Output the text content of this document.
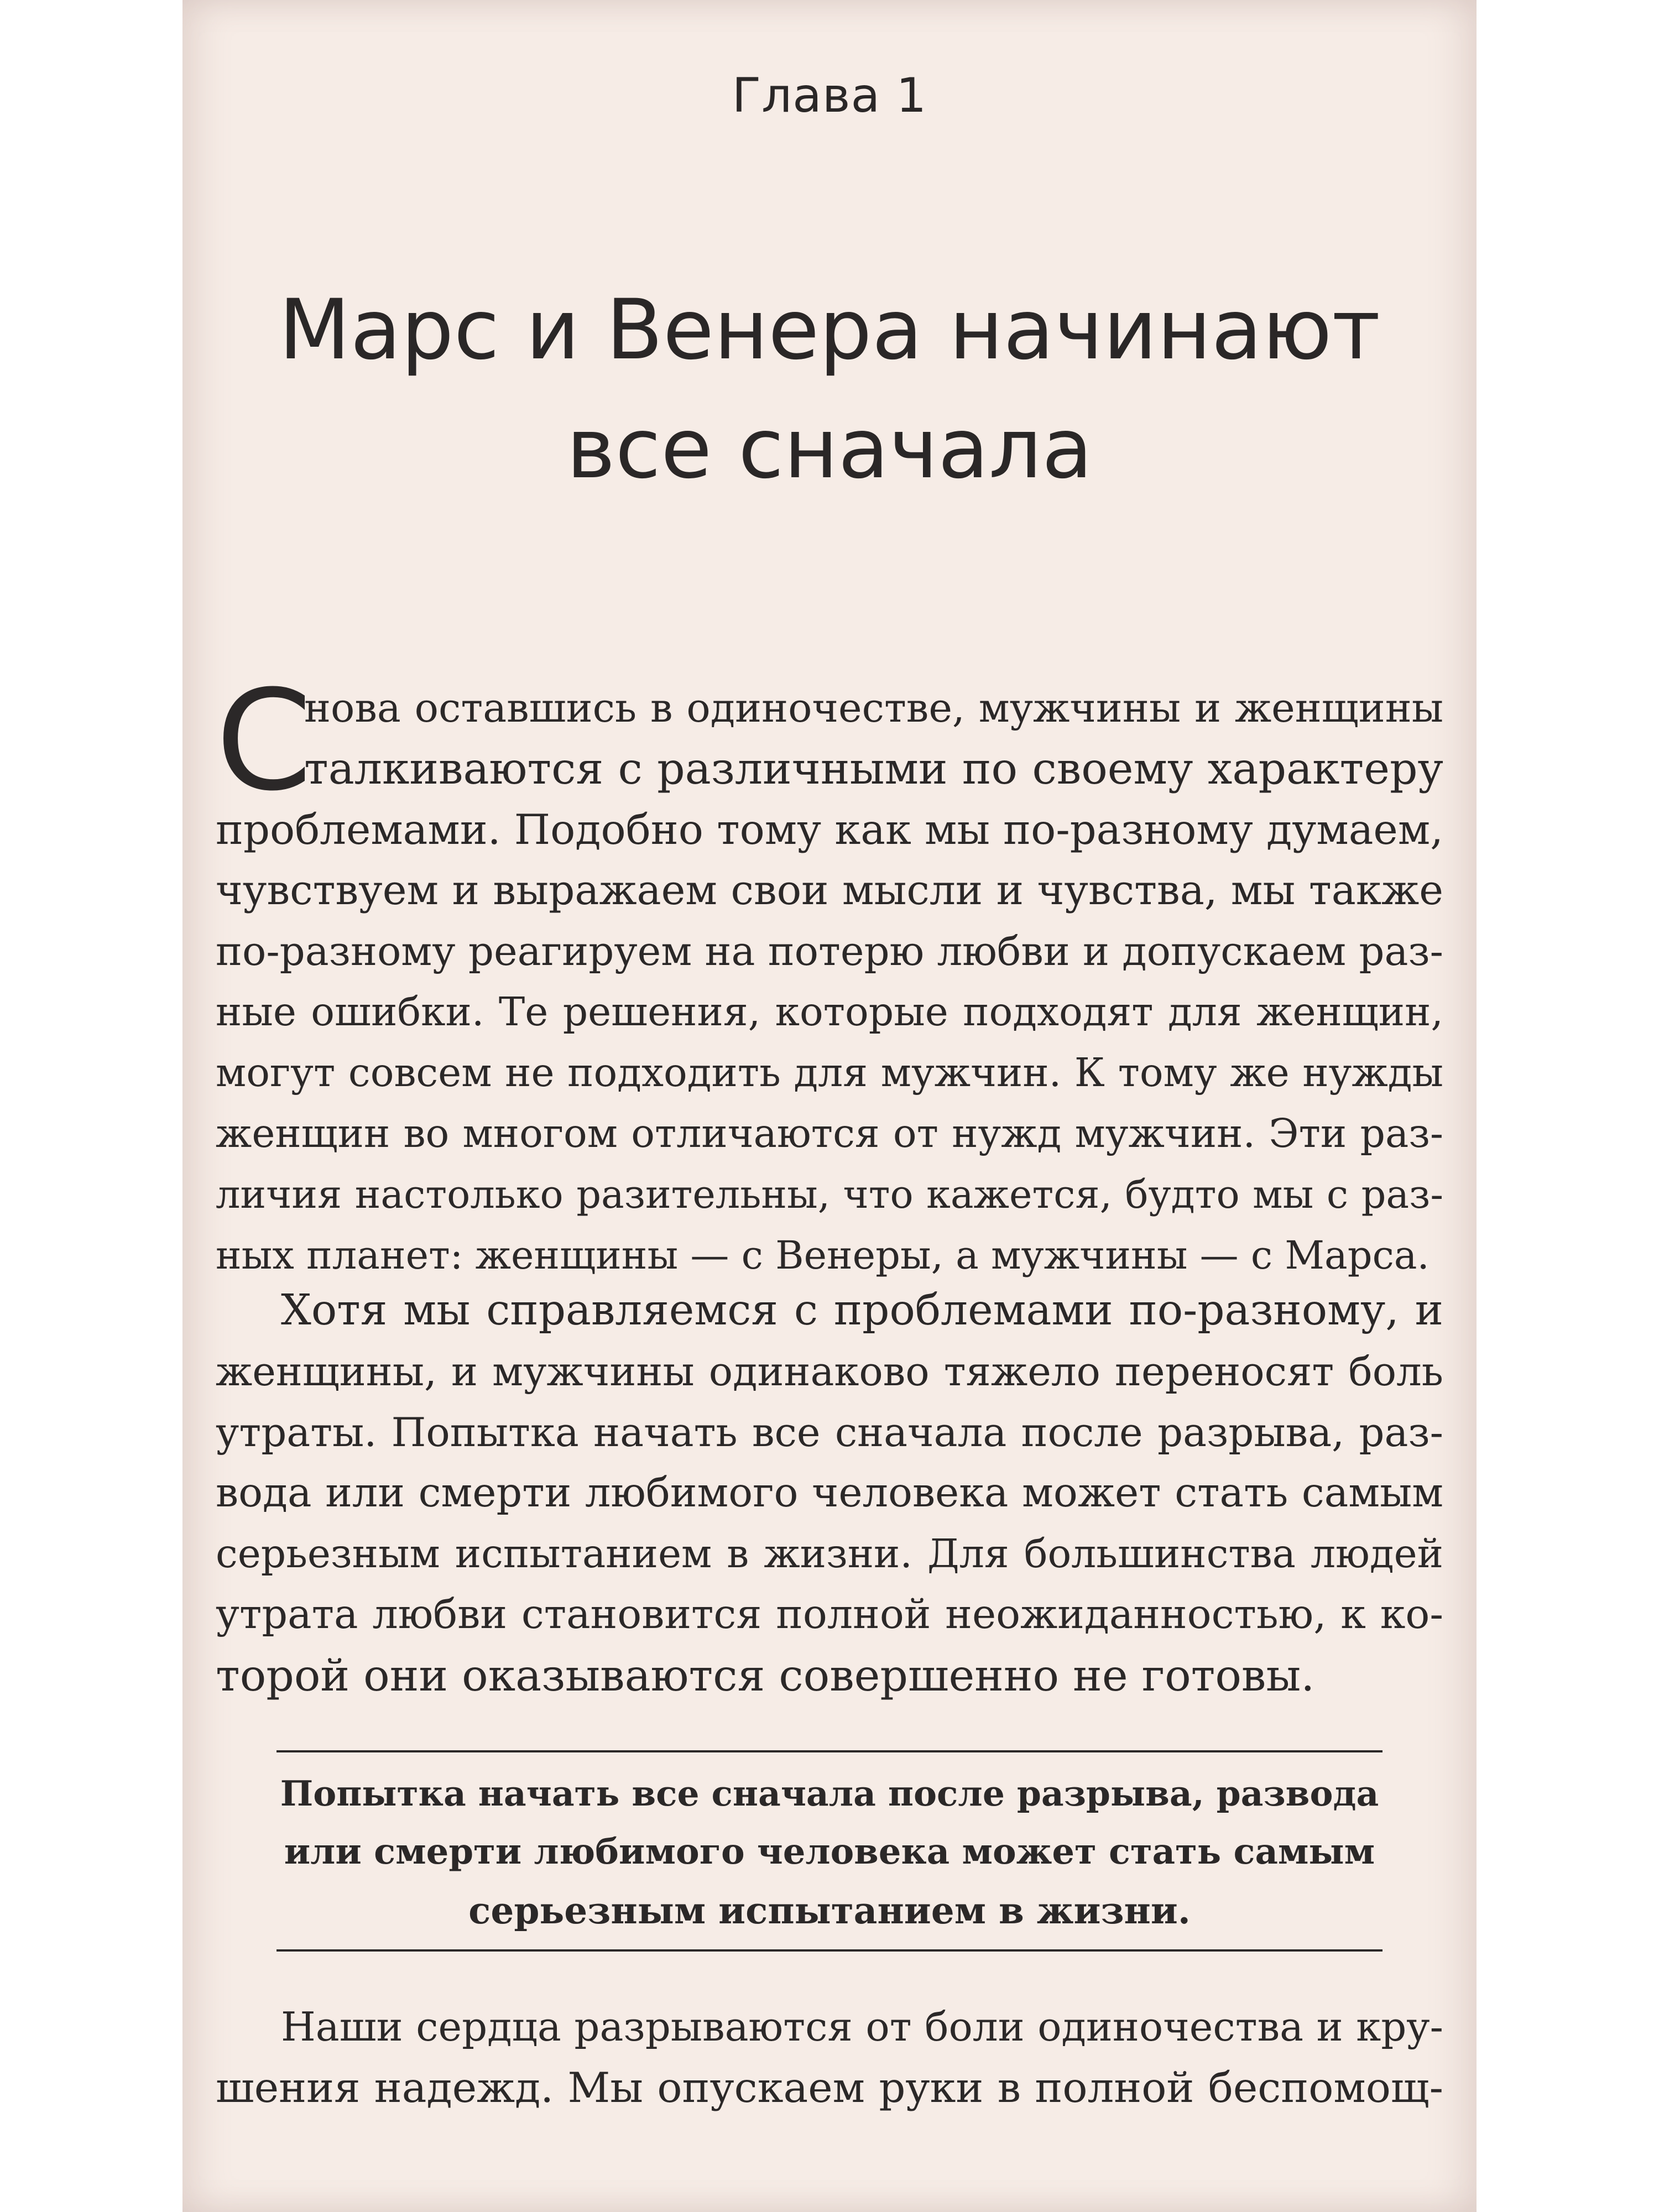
Глава 1
Марс и Венера начинают
все сначала
С
нова оставшись в одиночестве, мужчины и женщины
талкиваются с различными по своему характеру
проблемами. Подобно тому как мы по-разному думаем,
чувствуем и выражаем свои мысли и чувства, мы также
по-разному реагируем на потерю любви и допускаем раз-
ные ошибки. Те решения, которые подходят для женщин,
могут совсем не подходить для мужчин. К тому же нужды
женщин во многом отличаются от нужд мужчин. Эти раз-
личия настолько разительны, что кажется, будто мы с раз-
ных планет: женщины — с Венеры, а мужчины — с Марса.
Хотя мы справляемся с проблемами по-разному, и
женщины, и мужчины одинаково тяжело переносят боль
утраты. Попытка начать все сначала после разрыва, раз-
вода или смерти любимого человека может стать самым
серьезным испытанием в жизни. Для большинства людей
утрата любви становится полной неожиданностью, к ко-
торой они оказываются совершенно не готовы.
Попытка начать все сначала после разрыва, развода
или смерти любимого человека может стать самым
серьезным испытанием в жизни.
Наши сердца разрываются от боли одиночества и кру-
шения надежд. Мы опускаем руки в полной беспомощ-
